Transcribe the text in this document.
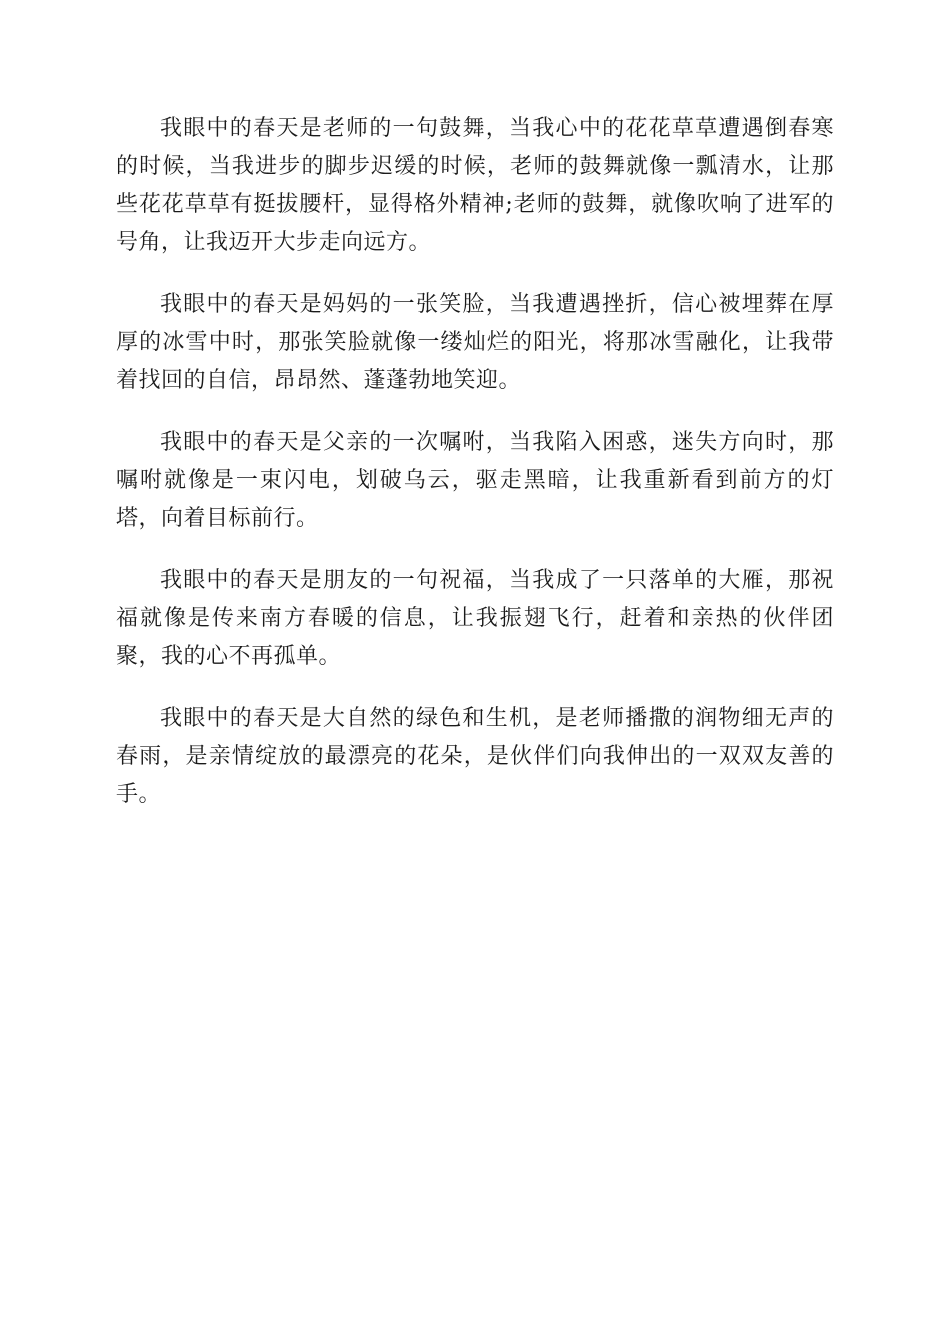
我眼中的春天是老师的一句鼓舞，当我心中的花花草草遭遇倒春寒的时候，当我进步的脚步迟缓的时候，老师的鼓舞就像一瓢清水，让那些花花草草有挺拔腰杆，显得格外精神;老师的鼓舞，就像吹响了进军的号角，让我迈开大步走向远方。

我眼中的春天是妈妈的一张笑脸，当我遭遇挫折，信心被埋葬在厚厚的冰雪中时，那张笑脸就像一缕灿烂的阳光，将那冰雪融化，让我带着找回的自信，昂昂然、蓬蓬勃地笑迎。

我眼中的春天是父亲的一次嘱咐，当我陷入困惑，迷失方向时，那嘱咐就像是一束闪电，划破乌云，驱走黑暗，让我重新看到前方的灯塔，向着目标前行。

我眼中的春天是朋友的一句祝福，当我成了一只落单的大雁，那祝福就像是传来南方春暖的信息，让我振翅飞行，赶着和亲热的伙伴团聚，我的心不再孤单。

我眼中的春天是大自然的绿色和生机，是老师播撒的润物细无声的春雨，是亲情绽放的最漂亮的花朵，是伙伴们向我伸出的一双双友善的手。
